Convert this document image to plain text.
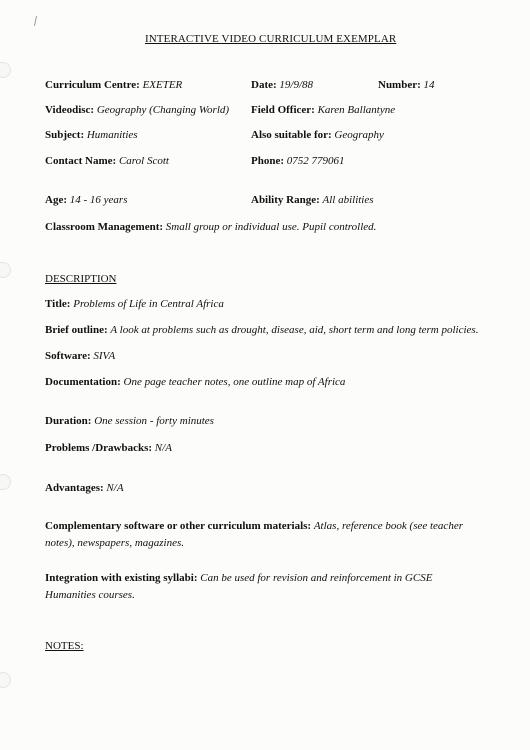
INTERACTIVE VIDEO CURRICULUM EXEMPLAR
Curriculum Centre: EXETER	Date: 19/9/88	Number: 14
Videodisc: Geography (Changing World) Field Officer: Karen Ballantyne
Subject: Humanities	Also suitable for: Geography
Contact Name: Carol Scott	Phone: 0752 779061
Age: 14 - 16 years	Ability Range: All abilities
Classroom Management: Small group or individual use. Pupil controlled.
DESCRIPTION
Title: Problems of Life in Central Africa
Brief outline: A look at problems such as drought, disease, aid, short term and long term policies.
Software: SIVA
Documentation: One page teacher notes, one outline map of Africa
Duration: One session - forty minutes
Problems /Drawbacks: N/A
Advantages: N/A
Complementary software or other curriculum materials: Atlas, reference book (see teacher notes), newspapers, magazines.
Integration with existing syllabi: Can be used for revision and reinforcement in GCSE Humanities courses.
NOTES:
